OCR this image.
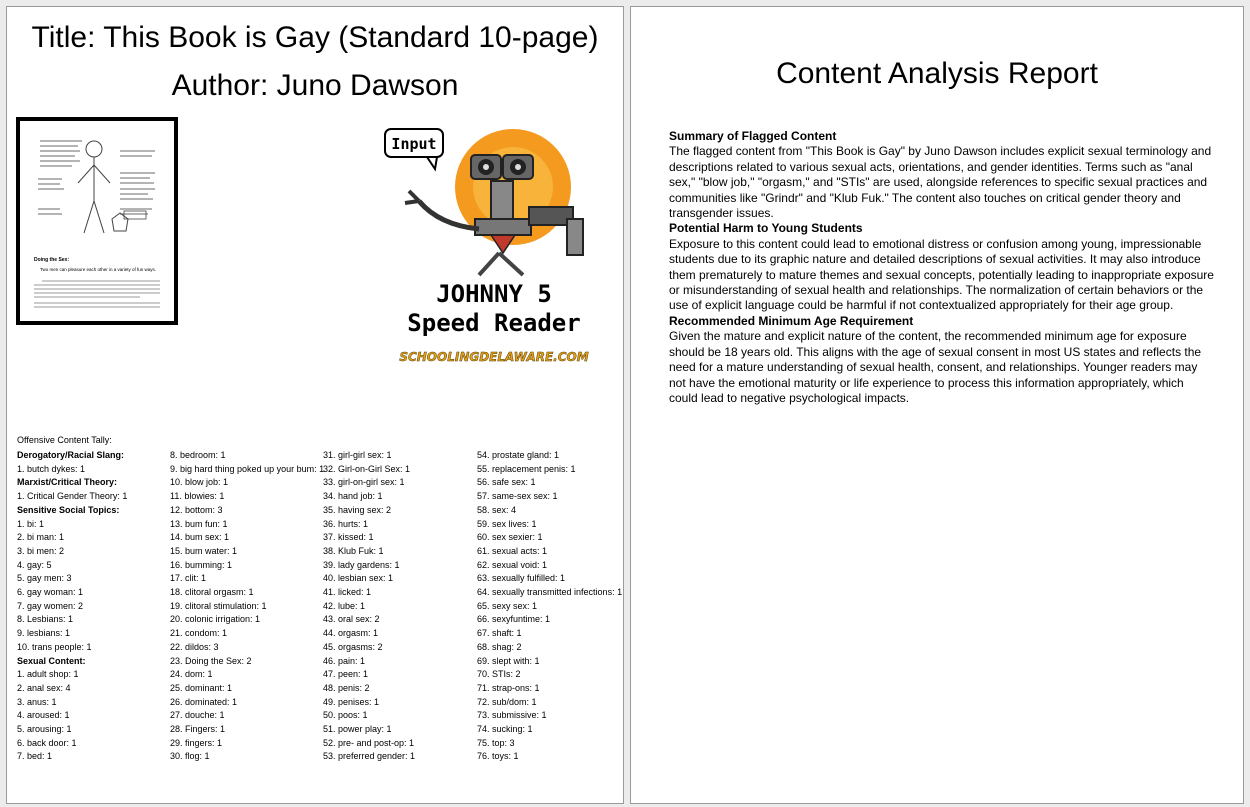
Title: This Book is Gay (Standard 10-page)
Author: Juno Dawson
Doing the Sex:
Two men can pleasure each other in a variety of fun ways.
Input
JOHNNY 5
Speed Reader
SCHOOLINGDELAWARE.COM
Offensive Content Tally:
Derogatory/Racial Slang:
1. butch dykes: 1
Marxist/Critical Theory:
1. Critical Gender Theory: 1
Sensitive Social Topics:
1. bi: 1
2. bi man: 1
3. bi men: 2
4. gay: 5
5. gay men: 3
6. gay woman: 1
7. gay women: 2
8. Lesbians: 1
9. lesbians: 1
10. trans people: 1
Sexual Content:
1. adult shop: 1
2. anal sex: 4
3. anus: 1
4. aroused: 1
5. arousing: 1
6. back door: 1
7. bed: 1
8. bedroom: 1
9. big hard thing poked up your bum: 1
10. blow job: 1
11. blowies: 1
12. bottom: 3
13. bum fun: 1
14. bum sex: 1
15. bum water: 1
16. bumming: 1
17. clit: 1
18. clitoral orgasm: 1
19. clitoral stimulation: 1
20. colonic irrigation: 1
21. condom: 1
22. dildos: 3
23. Doing the Sex: 2
24. dom: 1
25. dominant: 1
26. dominated: 1
27. douche: 1
28. Fingers: 1
29. fingers: 1
30. flog: 1
31. girl-girl sex: 1
32. Girl-on-Girl Sex: 1
33. girl-on-girl sex: 1
34. hand job: 1
35. having sex: 2
36. hurts: 1
37. kissed: 1
38. Klub Fuk: 1
39. lady gardens: 1
40. lesbian sex: 1
41. licked: 1
42. lube: 1
43. oral sex: 2
44. orgasm: 1
45. orgasms: 2
46. pain: 1
47. peen: 1
48. penis: 2
49. penises: 1
50. poos: 1
51. power play: 1
52. pre- and post-op: 1
53. preferred gender: 1
54. prostate gland: 1
55. replacement penis: 1
56. safe sex: 1
57. same-sex sex: 1
58. sex: 4
59. sex lives: 1
60. sex sexier: 1
61. sexual acts: 1
62. sexual void: 1
63. sexually fulfilled: 1
64. sexually transmitted infections: 1
65. sexy sex: 1
66. sexyfuntime: 1
67. shaft: 1
68. shag: 2
69. slept with: 1
70. STIs: 2
71. strap-ons: 1
72. sub/dom: 1
73. submissive: 1
74. sucking: 1
75. top: 3
76. toys: 1
Content Analysis Report
Summary of Flagged Content

The flagged content from "This Book is Gay" by Juno Dawson includes explicit sexual terminology and descriptions related to various sexual acts, orientations, and gender identities. Terms such as "anal sex," "blow job," "orgasm," and "STIs" are used, alongside references to specific sexual practices and communities like "Grindr" and "Klub Fuk." The content also touches on critical gender theory and transgender issues.

Potential Harm to Young Students

Exposure to this content could lead to emotional distress or confusion among young, impressionable students due to its graphic nature and detailed descriptions of sexual activities. It may also introduce them prematurely to mature themes and sexual concepts, potentially leading to inappropriate exposure or misunderstanding of sexual health and relationships. The normalization of certain behaviors or the use of explicit language could be harmful if not contextualized appropriately for their age group.

Recommended Minimum Age Requirement

Given the mature and explicit nature of the content, the recommended minimum age for exposure should be 18 years old. This aligns with the age of sexual consent in most US states and reflects the need for a mature understanding of sexual health, consent, and relationships. Younger readers may not have the emotional maturity or life experience to process this information appropriately, which could lead to negative psychological impacts.
